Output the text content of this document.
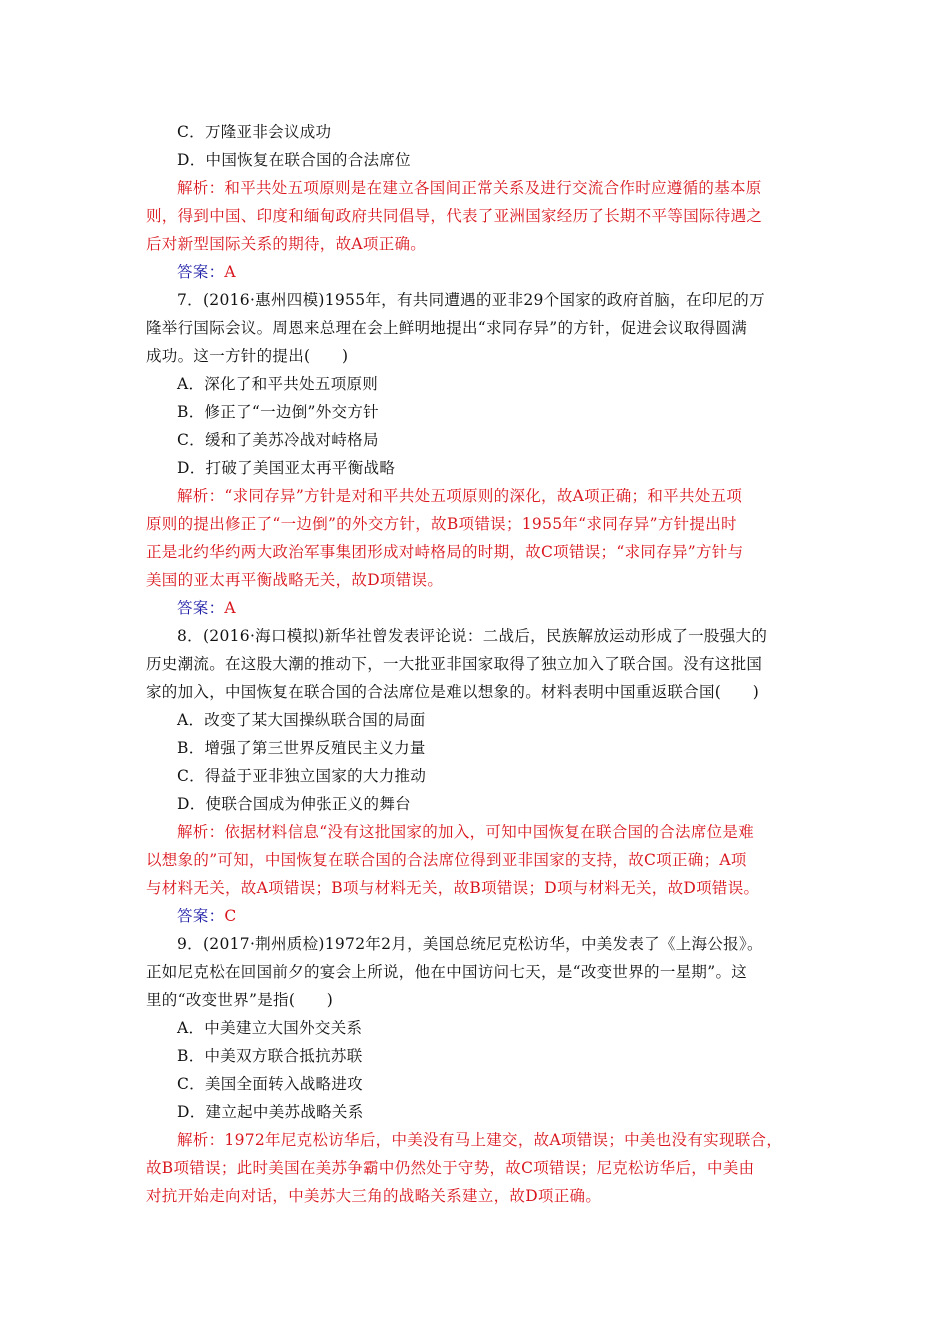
C．万隆亚非会议成功
D．中国恢复在联合国的合法席位
解析：和平共处五项原则是在建立各国间正常关系及进行交流合作时应遵循的基本原
则，得到中国、印度和缅甸政府共同倡导，代表了亚洲国家经历了长期不平等国际待遇之
后对新型国际关系的期待，故A项正确。
答案：A
7．(2016·惠州四模)1955年，有共同遭遇的亚非29个国家的政府首脑，在印尼的万
隆举行国际会议。周恩来总理在会上鲜明地提出“求同存异”的方针，促进会议取得圆满
成功。这一方针的提出(　　)
A．深化了和平共处五项原则
B．修正了“一边倒”外交方针
C．缓和了美苏冷战对峙格局
D．打破了美国亚太再平衡战略
解析：“求同存异”方针是对和平共处五项原则的深化，故A项正确；和平共处五项
原则的提出修正了“一边倒”的外交方针，故B项错误；1955年“求同存异”方针提出时
正是北约华约两大政治军事集团形成对峙格局的时期，故C项错误；“求同存异”方针与
美国的亚太再平衡战略无关，故D项错误。
答案：A
8．(2016·海口模拟)新华社曾发表评论说：二战后，民族解放运动形成了一股强大的
历史潮流。在这股大潮的推动下，一大批亚非国家取得了独立加入了联合国。没有这批国
家的加入，中国恢复在联合国的合法席位是难以想象的。材料表明中国重返联合国(　　)
A．改变了某大国操纵联合国的局面
B．增强了第三世界反殖民主义力量
C．得益于亚非独立国家的大力推动
D．使联合国成为伸张正义的舞台
解析：依据材料信息“没有这批国家的加入，可知中国恢复在联合国的合法席位是难
以想象的”可知，中国恢复在联合国的合法席位得到亚非国家的支持，故C项正确；A项
与材料无关，故A项错误；B项与材料无关，故B项错误；D项与材料无关，故D项错误。
答案：C
9．(2017·荆州质检)1972年2月，美国总统尼克松访华，中美发表了《上海公报》。
正如尼克松在回国前夕的宴会上所说，他在中国访问七天，是“改变世界的一星期”。这
里的“改变世界”是指(　　)
A．中美建立大国外交关系
B．中美双方联合抵抗苏联
C．美国全面转入战略进攻
D．建立起中美苏战略关系
解析：1972年尼克松访华后，中美没有马上建交，故A项错误；中美也没有实现联合，
故B项错误；此时美国在美苏争霸中仍然处于守势，故C项错误；尼克松访华后，中美由
对抗开始走向对话，中美苏大三角的战略关系建立，故D项正确。
